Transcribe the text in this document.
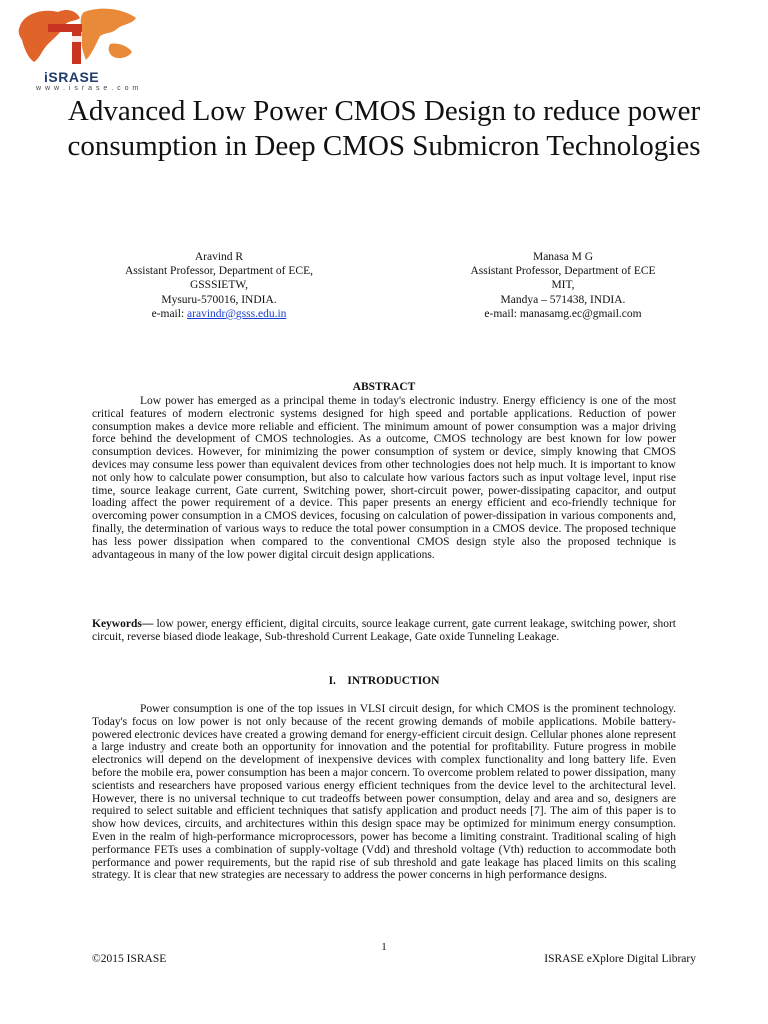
iSRASE
w w w . i s r a s e . c o m
Advanced Low Power CMOS Design to reduce power consumption in Deep CMOS Submicron Technologies
Aravind R
Assistant Professor, Department of ECE,
GSSSIETW,
Mysuru-570016, INDIA.
e-mail: aravindr@gsss.edu.in
Manasa M G
Assistant Professor, Department of ECE
MIT,
Mandya – 571438, INDIA.
e-mail: manasamg.ec@gmail.com
ABSTRACT

Low power has emerged as a principal theme in today's electronic industry. Energy efficiency is one of the most critical features of modern electronic systems designed for high speed and portable applications. Reduction of power consumption makes a device more reliable and efficient. The minimum amount of power consumption was a major driving force behind the development of CMOS technologies. As a outcome, CMOS technology are best known for low power consumption devices. However, for minimizing the power consumption of system or device, simply knowing that CMOS devices may consume less power than equivalent devices from other technologies does not help much. It is important to know not only how to calculate power consumption, but also to calculate how various factors such as input voltage level, input rise time, source leakage current, Gate current, Switching power, short-circuit power, power-dissipating capacitor, and output loading affect the power requirement of a device. This paper presents an energy efficient and eco-friendly technique for overcoming power consumption in a CMOS devices, focusing on calculation of power-dissipation in various components and, finally, the determination of various ways to reduce the total power consumption in a CMOS device. The proposed technique has less power dissipation when compared to the conventional CMOS design style also the proposed technique is advantageous in many of the low power digital circuit design applications.

Keywords— low power, energy efficient, digital circuits, source leakage current, gate current leakage, switching power, short circuit, reverse biased diode leakage, Sub-threshold Current Leakage, Gate oxide Tunneling Leakage.

I.    INTRODUCTION

Power consumption is one of the top issues in VLSI circuit design, for which CMOS is the prominent technology. Today's focus on low power is not only because of the recent growing demands of mobile applications. Mobile battery-powered electronic devices have created a growing demand for energy-efficient circuit design. Cellular phones alone represent a large industry and create both an opportunity for innovation and the potential for profitability. Future progress in mobile electronics will depend on the development of inexpensive devices with complex functionality and long battery life. Even before the mobile era, power consumption has been a major concern. To overcome problem related to power dissipation, many scientists and researchers have proposed various energy efficient techniques from the device level to the architectural level. However, there is no universal technique to cut tradeoffs between power consumption, delay and area and so, designers are required to select suitable and efficient techniques that satisfy application and product needs [7]. The aim of this paper is to show how devices, circuits, and architectures within this design space may be optimized for minimum energy consumption. Even in the realm of high-performance microprocessors, power has become a limiting constraint. Traditional scaling of high performance FETs uses a combination of supply-voltage (Vdd) and threshold voltage (Vth) reduction to accommodate both performance and power requirements, but the rapid rise of sub threshold and gate leakage has placed limits on this scaling strategy. It is clear that new strategies are necessary to address the power concerns in high performance designs.

1
©2015 ISRASE	ISRASE eXplore Digital Library
